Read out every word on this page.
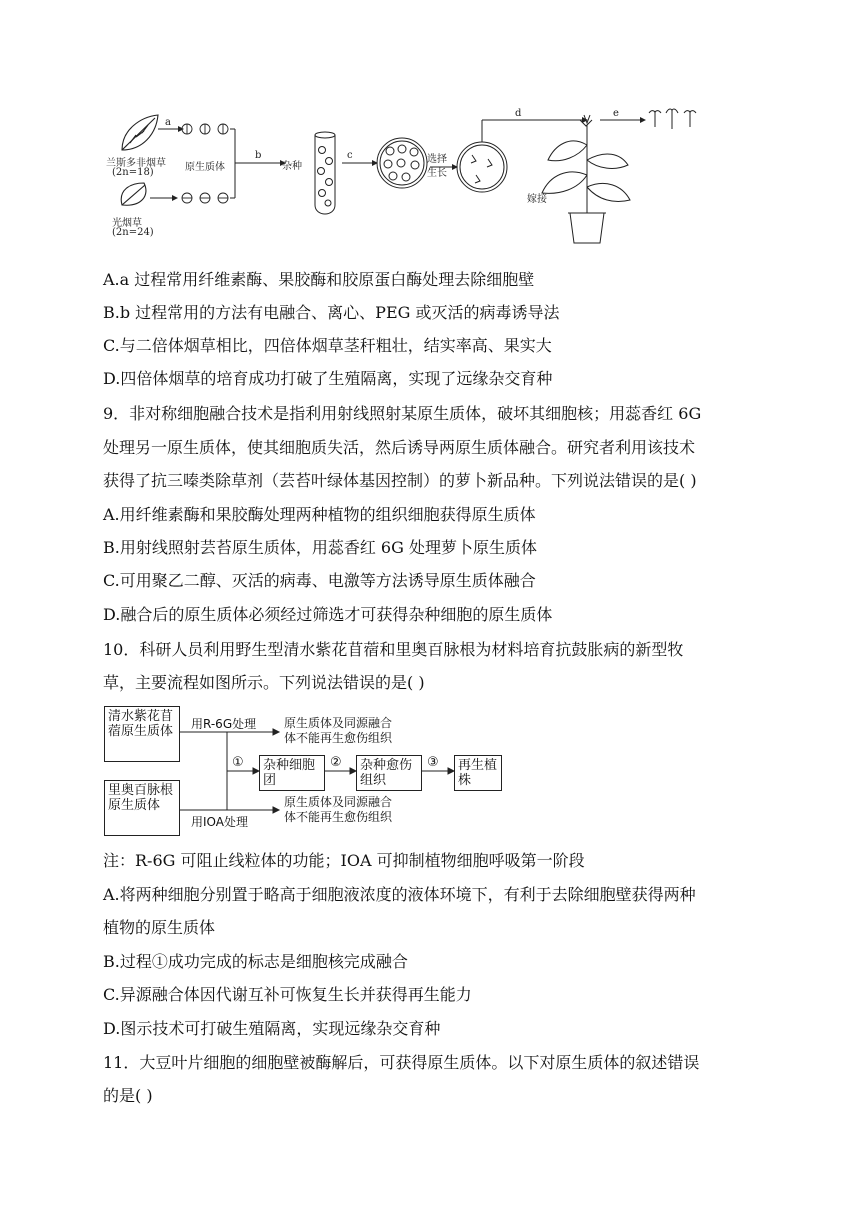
a
兰斯多非烟草
(2n=18)	原生质体
b
杂种
c	选择
生长
d	e
嫁接
光烟草
(2n=24)
A.a 过程常用纤维素酶、果胶酶和胶原蛋白酶处理去除细胞壁
B.b 过程常用的方法有电融合、离心、PEG 或灭活的病毒诱导法
C.与二倍体烟草相比，四倍体烟草茎秆粗壮，结实率高、果实大
D.四倍体烟草的培育成功打破了生殖隔离，实现了远缘杂交育种
9．非对称细胞融合技术是指利用射线照射某原生质体，破坏其细胞核；用蕊香红 6G
处理另一原生质体，使其细胞质失活，然后诱导两原生质体融合。研究者利用该技术
获得了抗三嗪类除草剂（芸苔叶绿体基因控制）的萝卜新品种。下列说法错误的是( )
A.用纤维素酶和果胶酶处理两种植物的组织细胞获得原生质体
B.用射线照射芸苔原生质体，用蕊香红 6G 处理萝卜原生质体
C.可用聚乙二醇、灭活的病毒、电激等方法诱导原生质体融合
D.融合后的原生质体必须经过筛选才可获得杂种细胞的原生质体
10．科研人员利用野生型清水紫花苜蓿和里奥百脉根为材料培育抗鼓胀病的新型牧
草，主要流程如图所示。下列说法错误的是( )
清水紫花苜蓿原生质体
里奥百脉根原生质体
用R-6G处理
用IOA处理
原生质体及同源融合
体不能再生愈伤组织
原生质体及同源融合
体不能再生愈伤组织
①	②	③
杂种细胞团
杂种愈伤组织
再生植株
注：R-6G 可阻止线粒体的功能；IOA 可抑制植物细胞呼吸第一阶段
A.将两种细胞分别置于略高于细胞液浓度的液体环境下，有利于去除细胞壁获得两种
植物的原生质体
B.过程①成功完成的标志是细胞核完成融合
C.异源融合体因代谢互补可恢复生长并获得再生能力
D.图示技术可打破生殖隔离，实现远缘杂交育种
11．大豆叶片细胞的细胞壁被酶解后，可获得原生质体。以下对原生质体的叙述错误
的是( )
